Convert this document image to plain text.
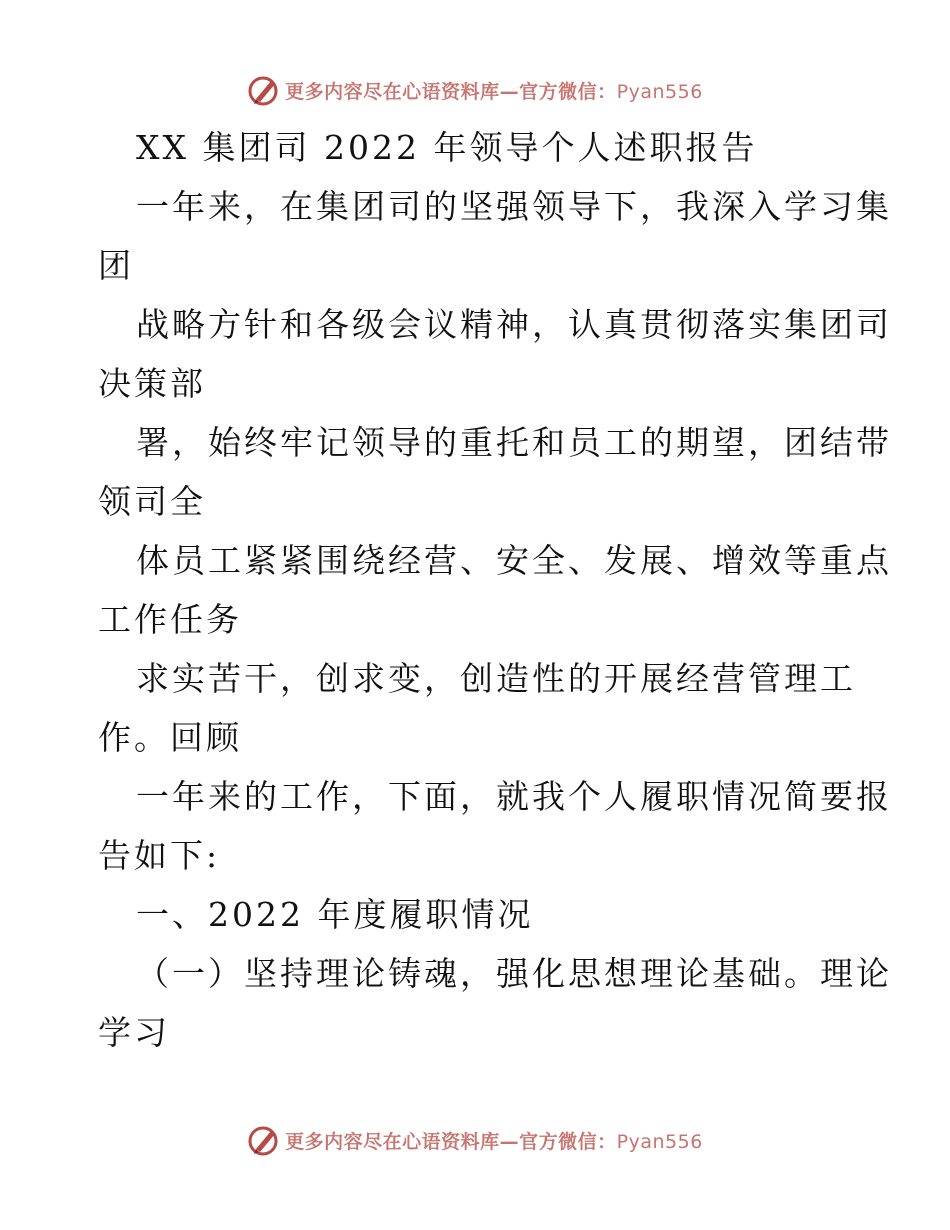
更多内容尽在心语资料库—官方微信：Pyan556
XX 集团司 2022 年领导个人述职报告
一年来，在集团司的坚强领导下，我深入学习集
团
战略方针和各级会议精神，认真贯彻落实集团司
决策部
署，始终牢记领导的重托和员工的期望，团结带
领司全
体员工紧紧围绕经营、安全、发展、增效等重点
工作任务
求实苦干，创求变，创造性的开展经营管理工
作。回顾
一年来的工作，下面，就我个人履职情况简要报
告如下:
一、2022 年度履职情况
（一）坚持理论铸魂，强化思想理论基础。理论
学习
更多内容尽在心语资料库—官方微信：Pyan556
